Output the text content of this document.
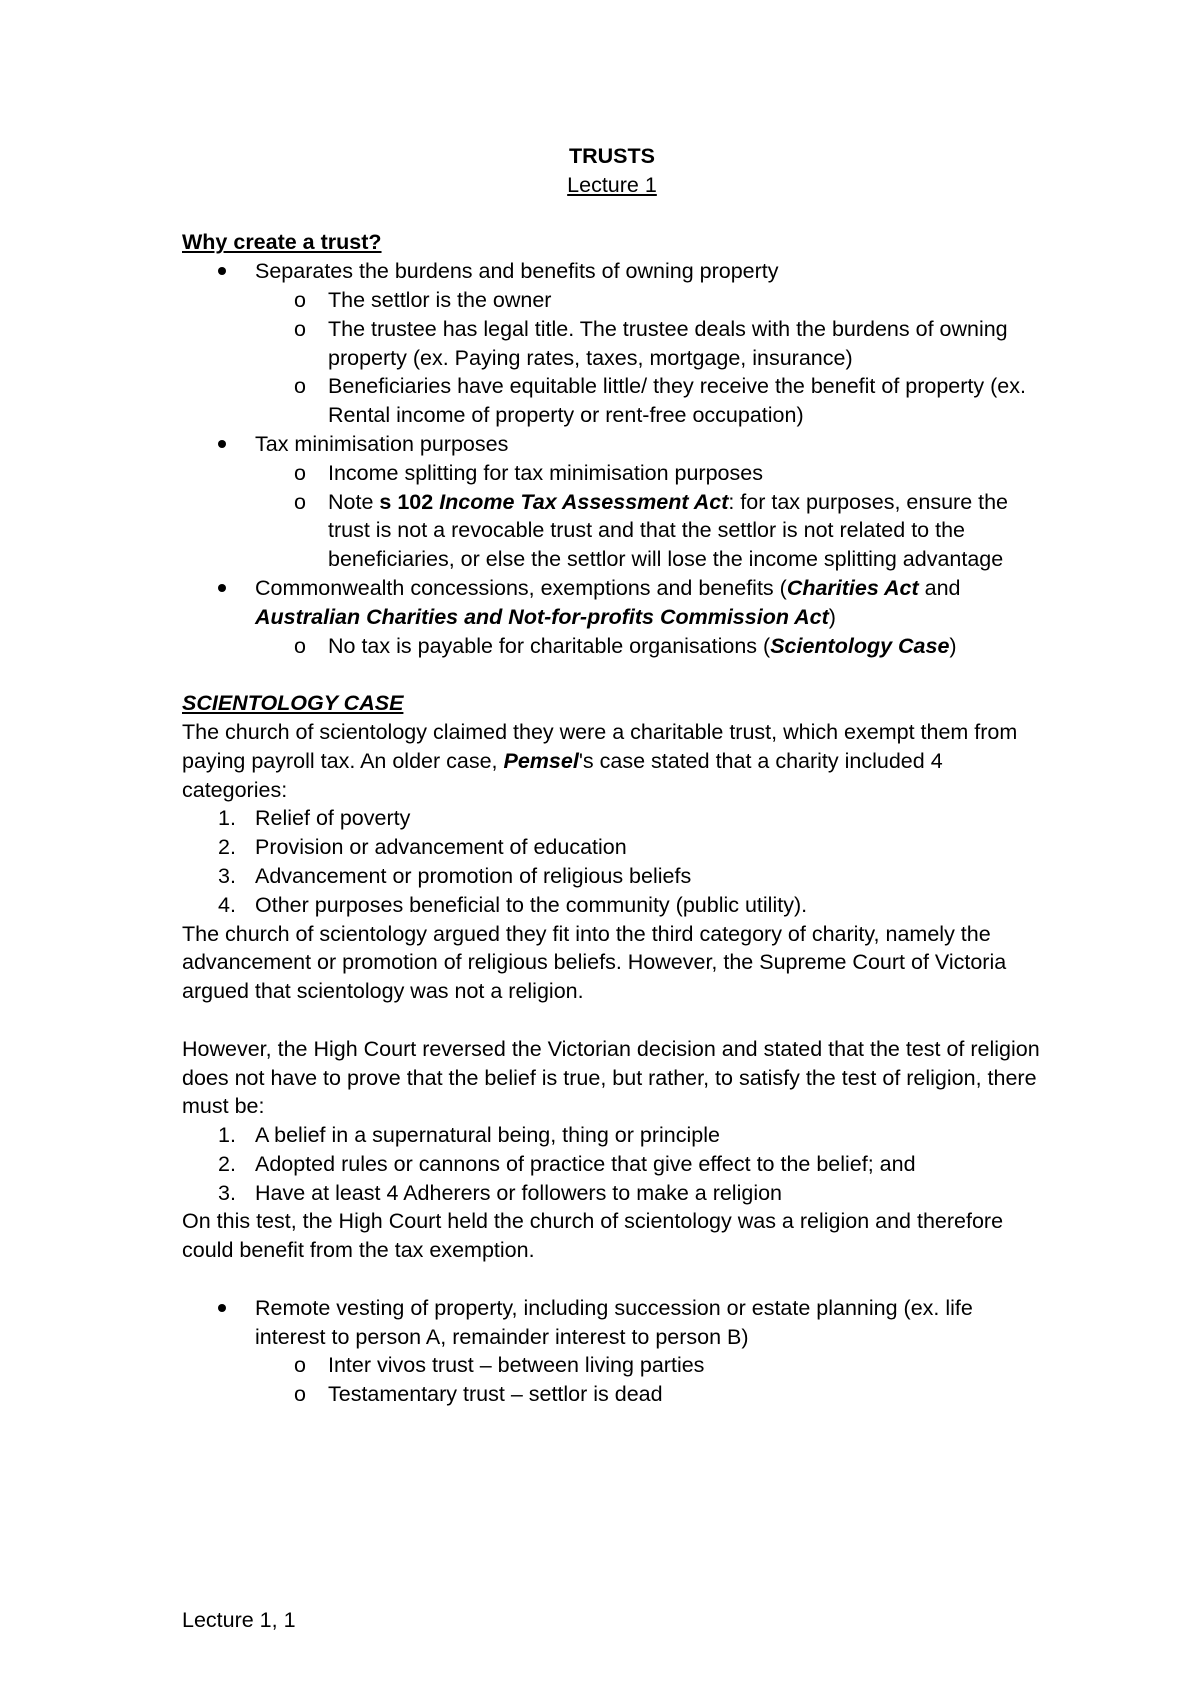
TRUSTS

Lecture 1

Why create a trust?

Separates the burdens and benefits of owning property
o The settlor is the owner
o The trustee has legal title. The trustee deals with the burdens of owning property (ex. Paying rates, taxes, mortgage, insurance)
o Beneficiaries have equitable little/ they receive the benefit of property (ex. Rental income of property or rent-free occupation)
Tax minimisation purposes
o Income splitting for tax minimisation purposes
o Note s 102 Income Tax Assessment Act: for tax purposes, ensure the trust is not a revocable trust and that the settlor is not related to the beneficiaries, or else the settlor will lose the income splitting advantage
Commonwealth concessions, exemptions and benefits (Charities Act and Australian Charities and Not-for-profits Commission Act)
o No tax is payable for charitable organisations (Scientology Case)

SCIENTOLOGY CASE

The church of scientology claimed they were a charitable trust, which exempt them from paying payroll tax. An older case, Pemsel's case stated that a charity included 4 categories:

1. Relief of poverty
2. Provision or advancement of education
3. Advancement or promotion of religious beliefs
4. Other purposes beneficial to the community (public utility).

The church of scientology argued they fit into the third category of charity, namely the advancement or promotion of religious beliefs. However, the Supreme Court of Victoria argued that scientology was not a religion.

However, the High Court reversed the Victorian decision and stated that the test of religion does not have to prove that the belief is true, but rather, to satisfy the test of religion, there must be:

1. A belief in a supernatural being, thing or principle
2. Adopted rules or cannons of practice that give effect to the belief; and
3. Have at least 4 Adherers or followers to make a religion

On this test, the High Court held the church of scientology was a religion and therefore could benefit from the tax exemption.

Remote vesting of property, including succession or estate planning (ex. life interest to person A, remainder interest to person B)
o Inter vivos trust – between living parties
o Testamentary trust – settlor is dead
Lecture 1, 1
